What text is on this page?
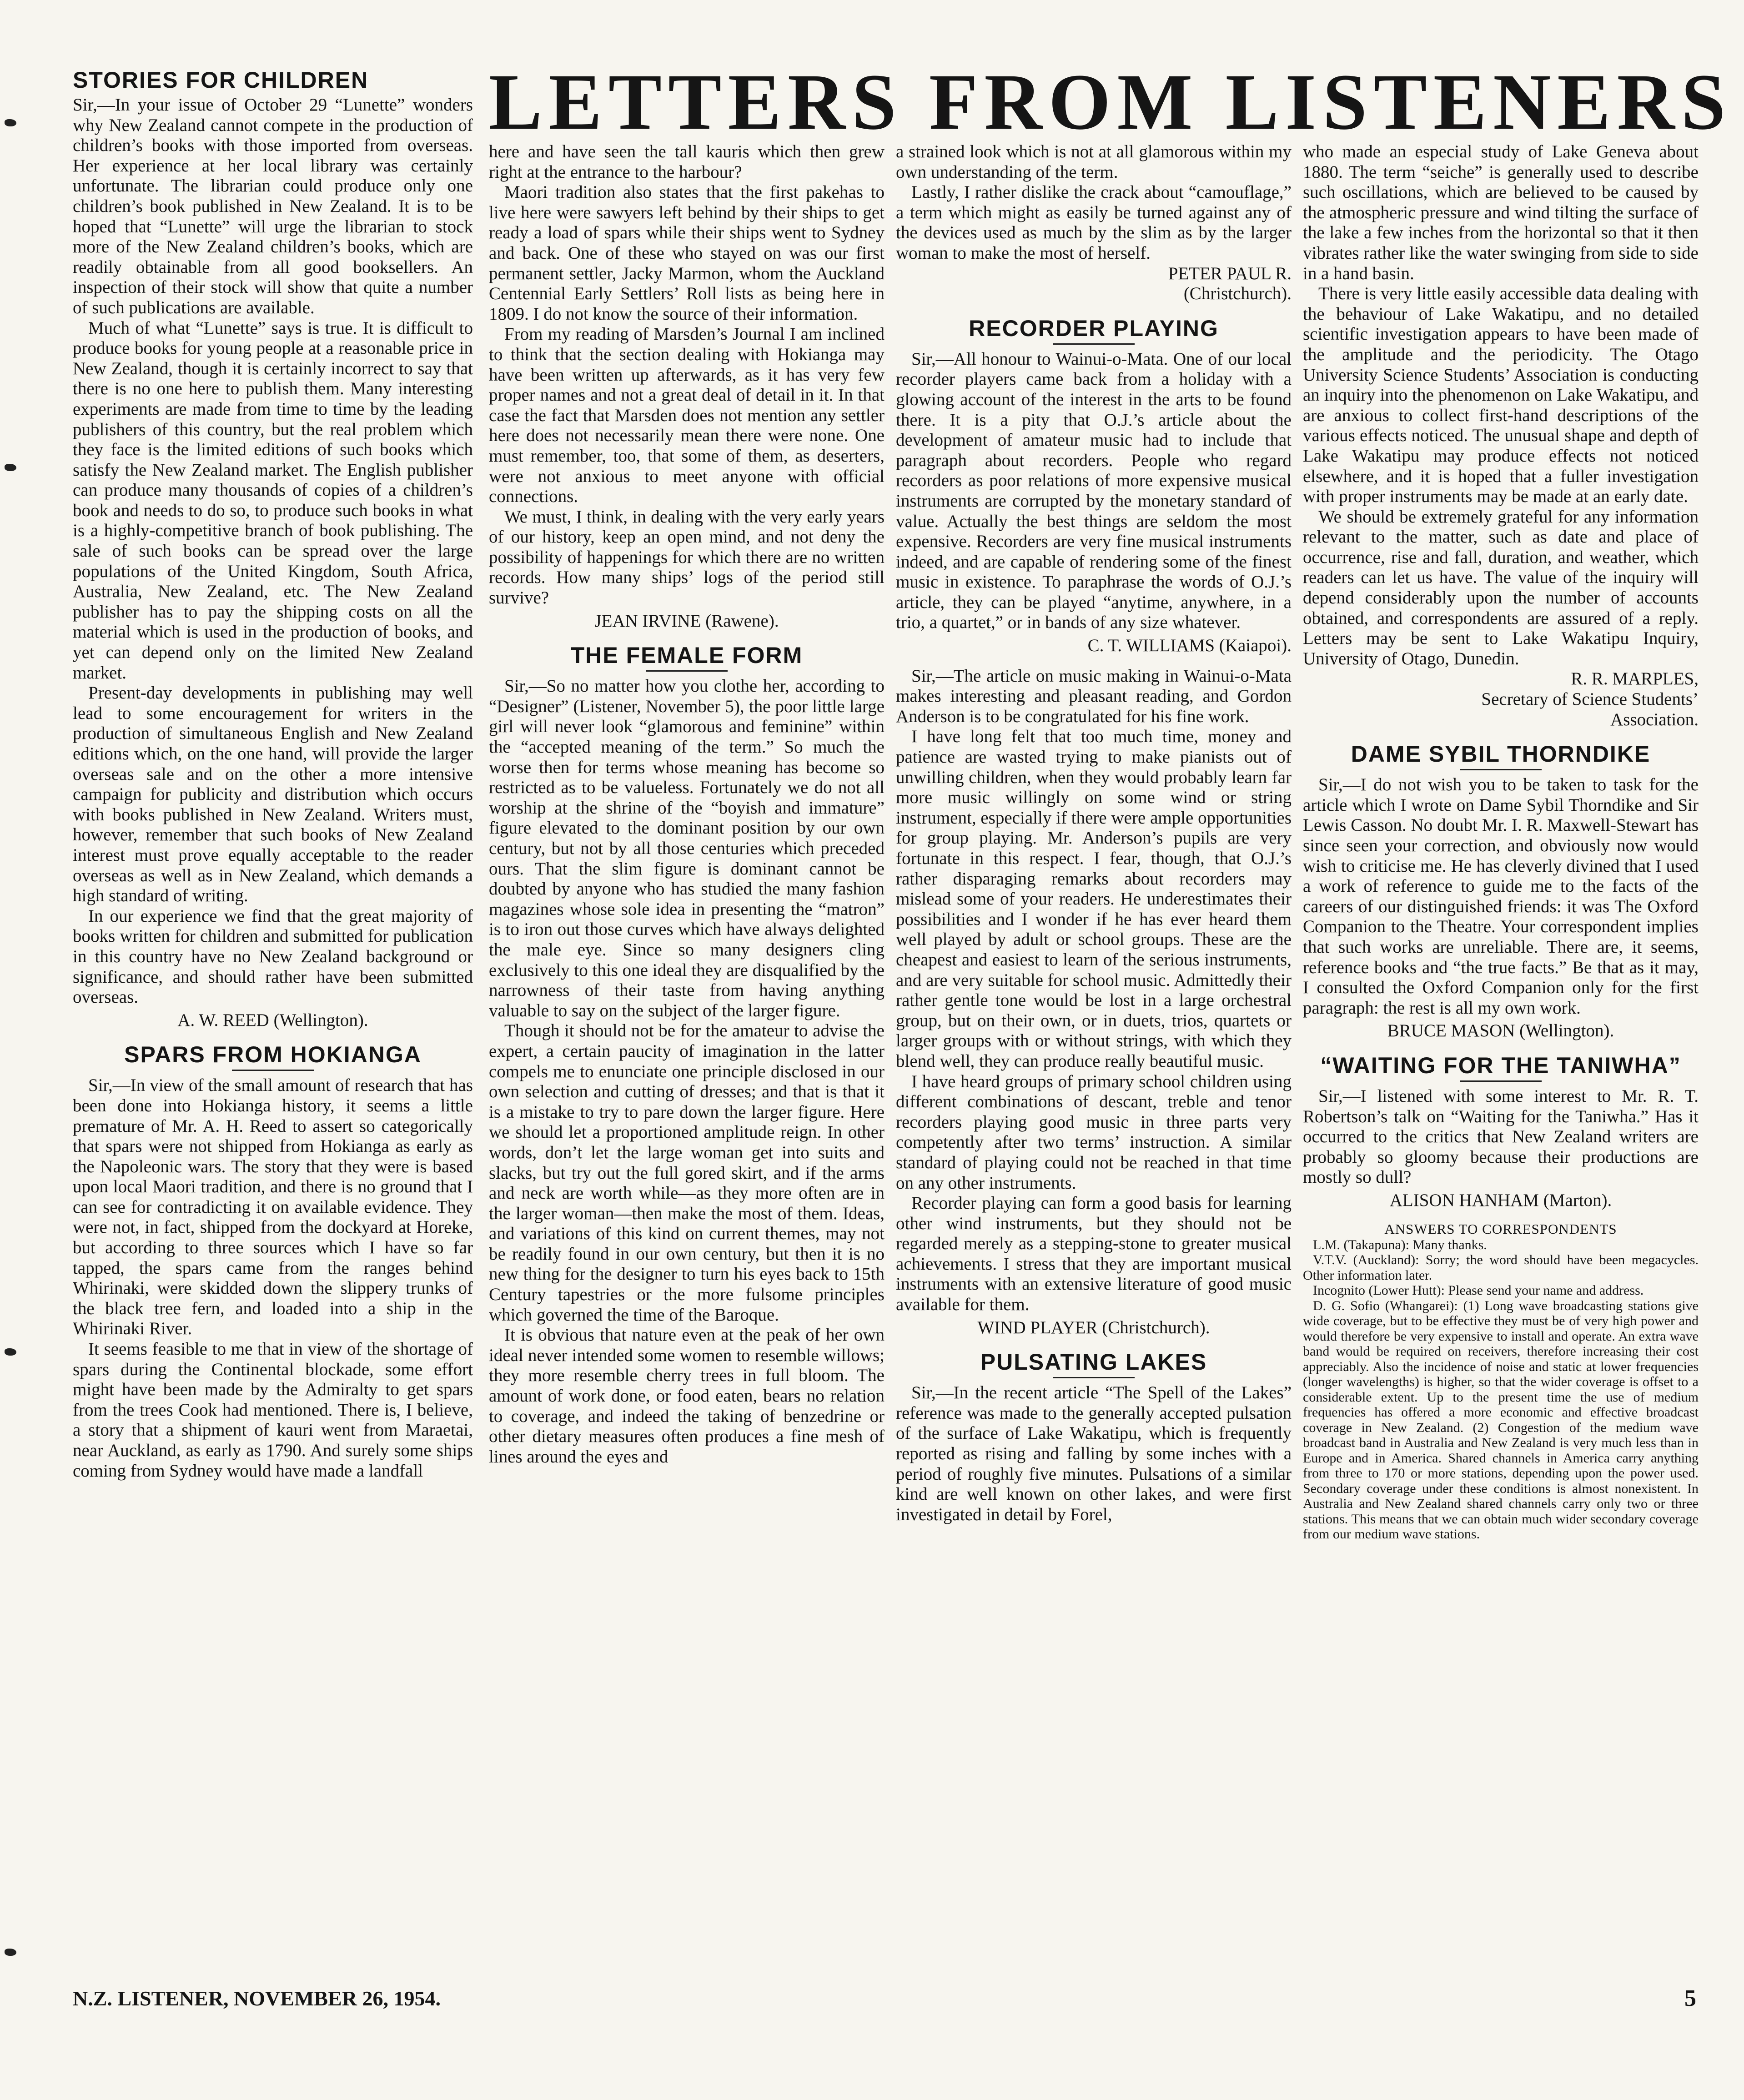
LETTERS FROM LISTENERS
STORIES FOR CHILDREN

Sir,—In your issue of October 29 “Lunette” wonders why New Zealand cannot compete in the production of children’s books with those imported from overseas. Her experience at her local library was certainly unfortunate. The librarian could produce only one children’s book published in New Zealand. It is to be hoped that “Lunette” will urge the librarian to stock more of the New Zealand children’s books, which are readily obtainable from all good booksellers. An inspection of their stock will show that quite a number of such publications are available.

Much of what “Lunette” says is true. It is difficult to produce books for young people at a reasonable price in New Zealand, though it is certainly incorrect to say that there is no one here to publish them. Many interesting experiments are made from time to time by the leading publishers of this country, but the real problem which they face is the limited editions of such books which satisfy the New Zealand market. The English publisher can produce many thousands of copies of a children’s book and needs to do so, to produce such books in what is a highly-competitive branch of book publishing. The sale of such books can be spread over the large populations of the United Kingdom, South Africa, Australia, New Zealand, etc. The New Zealand publisher has to pay the shipping costs on all the material which is used in the production of books, and yet can depend only on the limited New Zealand market.

Present-day developments in publishing may well lead to some encouragement for writers in the production of simultaneous English and New Zealand editions which, on the one hand, will provide the larger overseas sale and on the other a more intensive campaign for publicity and distribution which occurs with books published in New Zealand. Writers must, however, remember that such books of New Zealand interest must prove equally acceptable to the reader overseas as well as in New Zealand, which demands a high standard of writing.

In our experience we find that the great majority of books written for children and submitted for publication in this country have no New Zealand background or significance, and should rather have been submitted overseas.

A. W. REED (Wellington).

SPARS FROM HOKIANGA

Sir,—In view of the small amount of research that has been done into Hokianga history, it seems a little premature of Mr. A. H. Reed to assert so categorically that spars were not shipped from Hokianga as early as the Napoleonic wars. The story that they were is based upon local Maori tradition, and there is no ground that I can see for contradicting it on available evidence. They were not, in fact, shipped from the dockyard at Horeke, but according to three sources which I have so far tapped, the spars came from the ranges behind Whirinaki, were skidded down the slippery trunks of the black tree fern, and loaded into a ship in the Whirinaki River.

It seems feasible to me that in view of the shortage of spars during the Continental blockade, some effort might have been made by the Admiralty to get spars from the trees Cook had mentioned. There is, I believe, a story that a shipment of kauri went from Maraetai, near Auckland, as early as 1790. And surely some ships coming from Sydney would have made a landfall

here and have seen the tall kauris which then grew right at the entrance to the harbour?

Maori tradition also states that the first pakehas to live here were sawyers left behind by their ships to get ready a load of spars while their ships went to Sydney and back. One of these who stayed on was our first permanent settler, Jacky Marmon, whom the Auckland Centennial Early Settlers’ Roll lists as being here in 1809. I do not know the source of their information.

From my reading of Marsden’s Journal I am inclined to think that the section dealing with Hokianga may have been written up afterwards, as it has very few proper names and not a great deal of detail in it. In that case the fact that Marsden does not mention any settler here does not necessarily mean there were none. One must remember, too, that some of them, as deserters, were not anxious to meet anyone with official connections.

We must, I think, in dealing with the very early years of our history, keep an open mind, and not deny the possibility of happenings for which there are no written records. How many ships’ logs of the period still survive?

JEAN IRVINE (Rawene).

THE FEMALE FORM

Sir,—So no matter how you clothe her, according to “Designer” (Listener, November 5), the poor little large girl will never look “glamorous and feminine” within the “accepted meaning of the term.” So much the worse then for terms whose meaning has become so restricted as to be valueless. Fortunately we do not all worship at the shrine of the “boyish and immature” figure elevated to the dominant position by our own century, but not by all those centuries which preceded ours. That the slim figure is dominant cannot be doubted by anyone who has studied the many fashion magazines whose sole idea in presenting the “matron” is to iron out those curves which have always delighted the male eye. Since so many designers cling exclusively to this one ideal they are disqualified by the narrowness of their taste from having anything valuable to say on the subject of the larger figure.

Though it should not be for the amateur to advise the expert, a certain paucity of imagination in the latter compels me to enunciate one principle disclosed in our own selection and cutting of dresses; and that is that it is a mistake to try to pare down the larger figure. Here we should let a proportioned amplitude reign. In other words, don’t let the large woman get into suits and slacks, but try out the full gored skirt, and if the arms and neck are worth while—as they more often are in the larger woman—then make the most of them. Ideas, and variations of this kind on current themes, may not be readily found in our own century, but then it is no new thing for the designer to turn his eyes back to 15th Century tapestries or the more fulsome principles which governed the time of the Baroque.

It is obvious that nature even at the peak of her own ideal never intended some women to resemble willows; they more resemble cherry trees in full bloom. The amount of work done, or food eaten, bears no relation to coverage, and indeed the taking of benzedrine or other dietary measures often produces a fine mesh of lines around the eyes and

a strained look which is not at all glamorous within my own understanding of the term.

Lastly, I rather dislike the crack about “camouflage,” a term which might as easily be turned against any of the devices used as much by the slim as by the larger woman to make the most of herself.

PETER PAUL R.

(Christchurch).

RECORDER PLAYING

Sir,—All honour to Wainui-o-Mata. One of our local recorder players came back from a holiday with a glowing account of the interest in the arts to be found there. It is a pity that O.J.’s article about the development of amateur music had to include that paragraph about recorders. People who regard recorders as poor relations of more expensive musical instruments are corrupted by the monetary standard of value. Actually the best things are seldom the most expensive. Recorders are very fine musical instruments indeed, and are capable of rendering some of the finest music in existence. To paraphrase the words of O.J.’s article, they can be played “anytime, anywhere, in a trio, a quartet,” or in bands of any size whatever.

C. T. WILLIAMS (Kaiapoi).

Sir,—The article on music making in Wainui-o-Mata makes interesting and pleasant reading, and Gordon Anderson is to be congratulated for his fine work.

I have long felt that too much time, money and patience are wasted trying to make pianists out of unwilling children, when they would probably learn far more music willingly on some wind or string instrument, especially if there were ample opportunities for group playing. Mr. Anderson’s pupils are very fortunate in this respect. I fear, though, that O.J.’s rather disparaging remarks about recorders may mislead some of your readers. He underestimates their possibilities and I wonder if he has ever heard them well played by adult or school groups. These are the cheapest and easiest to learn of the serious instruments, and are very suitable for school music. Admittedly their rather gentle tone would be lost in a large orchestral group, but on their own, or in duets, trios, quartets or larger groups with or without strings, with which they blend well, they can produce really beautiful music.

I have heard groups of primary school children using different combinations of descant, treble and tenor recorders playing good music in three parts very competently after two terms’ instruction. A similar standard of playing could not be reached in that time on any other instruments.

Recorder playing can form a good basis for learning other wind instruments, but they should not be regarded merely as a stepping-stone to greater musical achievements. I stress that they are important musical instruments with an extensive literature of good music available for them.

WIND PLAYER (Christchurch).

PULSATING LAKES

Sir,—In the recent article “The Spell of the Lakes” reference was made to the generally accepted pulsation of the surface of Lake Wakatipu, which is frequently reported as rising and falling by some inches with a period of roughly five minutes. Pulsations of a similar kind are well known on other lakes, and were first investigated in detail by Forel,

who made an especial study of Lake Geneva about 1880. The term “seiche” is generally used to describe such oscillations, which are believed to be caused by the atmospheric pressure and wind tilting the surface of the lake a few inches from the horizontal so that it then vibrates rather like the water swinging from side to side in a hand basin.

There is very little easily accessible data dealing with the behaviour of Lake Wakatipu, and no detailed scientific investigation appears to have been made of the amplitude and the periodicity. The Otago University Science Students’ Association is conducting an inquiry into the phenomenon on Lake Wakatipu, and are anxious to collect first-hand descriptions of the various effects noticed. The unusual shape and depth of Lake Wakatipu may produce effects not noticed elsewhere, and it is hoped that a fuller investigation with proper instruments may be made at an early date.

We should be extremely grateful for any information relevant to the matter, such as date and place of occurrence, rise and fall, duration, and weather, which readers can let us have. The value of the inquiry will depend considerably upon the number of accounts obtained, and correspondents are assured of a reply. Letters may be sent to Lake Wakatipu Inquiry, University of Otago, Dunedin.

R. R. MARPLES,

Secretary of Science Students’

Association.

DAME SYBIL THORNDIKE

Sir,—I do not wish you to be taken to task for the article which I wrote on Dame Sybil Thorndike and Sir Lewis Casson. No doubt Mr. I. R. Maxwell-Stewart has since seen your correction, and obviously now would wish to criticise me. He has cleverly divined that I used a work of reference to guide me to the facts of the careers of our distinguished friends: it was The Oxford Companion to the Theatre. Your correspondent implies that such works are unreliable. There are, it seems, reference books and “the true facts.” Be that as it may, I consulted the Oxford Companion only for the first paragraph: the rest is all my own work.

BRUCE MASON (Wellington).

“WAITING FOR THE TANIWHA”

Sir,—I listened with some interest to Mr. R. T. Robertson’s talk on “Waiting for the Taniwha.” Has it occurred to the critics that New Zealand writers are probably so gloomy because their productions are mostly so dull?

ALISON HANHAM (Marton).

ANSWERS TO CORRESPONDENTS

L.M. (Takapuna): Many thanks.

V.T.V. (Auckland): Sorry; the word should have been megacycles. Other information later.

Incognito (Lower Hutt): Please send your name and address.

D. G. Sofio (Whangarei): (1) Long wave broadcasting stations give wide coverage, but to be effective they must be of very high power and would therefore be very expensive to install and operate. An extra wave band would be required on receivers, therefore increasing their cost appreciably. Also the incidence of noise and static at lower frequencies (longer wavelengths) is higher, so that the wider coverage is offset to a considerable extent. Up to the present time the use of medium frequencies has offered a more economic and effective broadcast coverage in New Zealand. (2) Congestion of the medium wave broadcast band in Australia and New Zealand is very much less than in Europe and in America. Shared channels in America carry anything from three to 170 or more stations, depending upon the power used. Secondary coverage under these conditions is almost nonexistent. In Australia and New Zealand shared channels carry only two or three stations. This means that we can obtain much wider secondary coverage from our medium wave stations.

N.Z. LISTENER, NOVEMBER 26, 1954.	5
